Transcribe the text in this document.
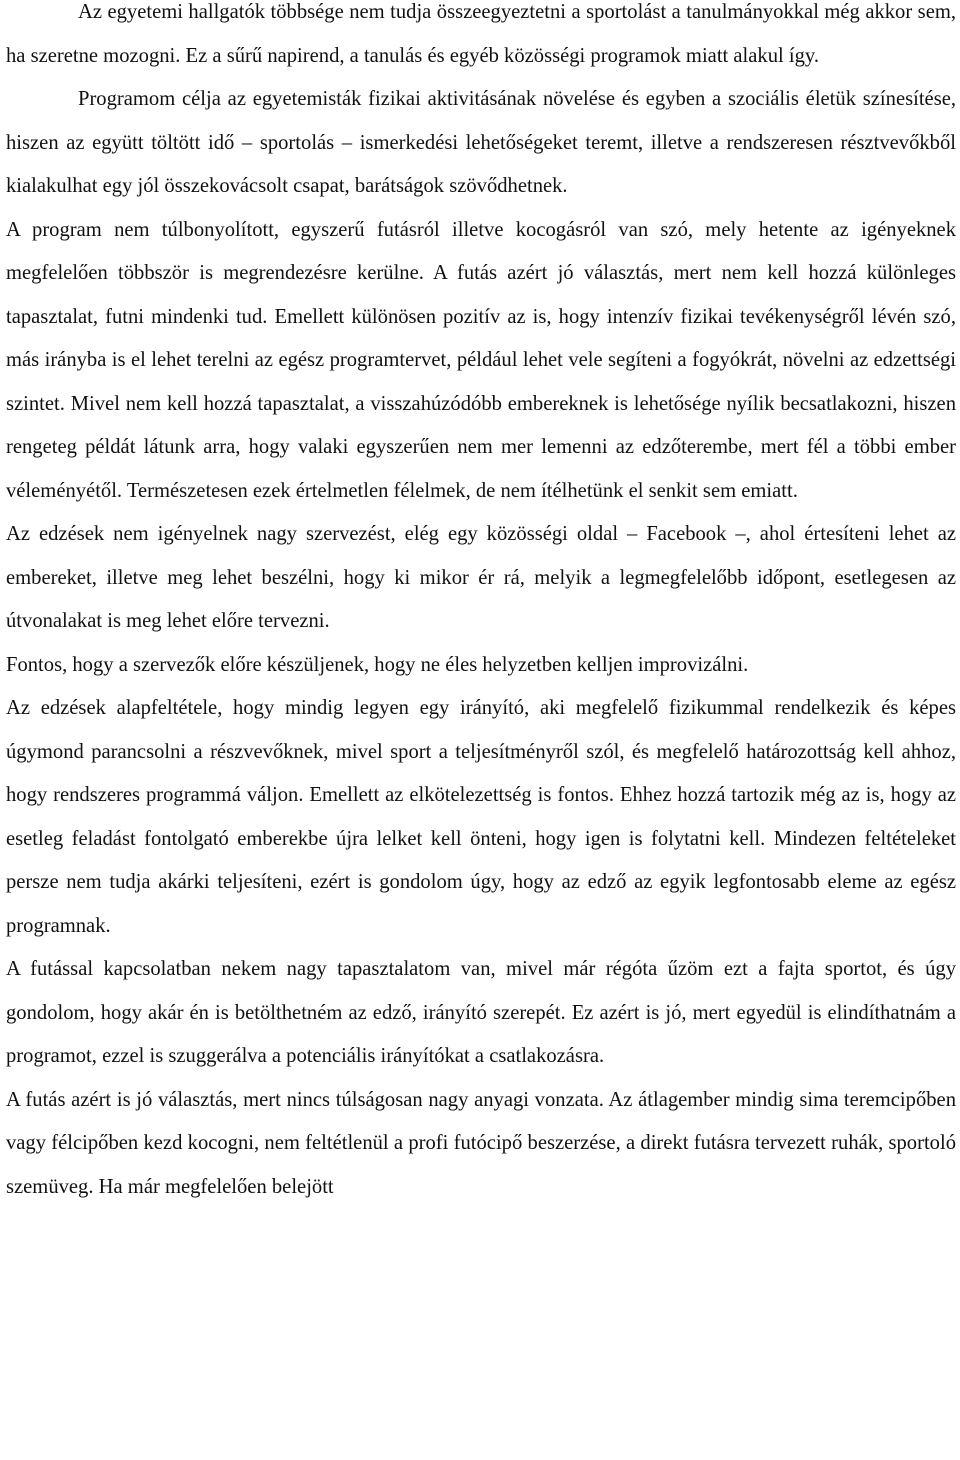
Az egyetemi hallgatók többsége nem tudja összeegyeztetni a sportolást a tanulmányokkal még akkor sem, ha szeretne mozogni. Ez a sűrű napirend, a tanulás és egyéb közösségi programok miatt alakul így.

Programom célja az egyetemisták fizikai aktivitásának növelése és egyben a szociális életük színesítése, hiszen az együtt töltött idő – sportolás – ismerkedési lehetőségeket teremt, illetve a rendszeresen résztvevőkből kialakulhat egy jól összekovácsolt csapat, barátságok szövődhetnek.

A program nem túlbonyolított, egyszerű futásról illetve kocogásról van szó, mely hetente az igényeknek megfelelően többször is megrendezésre kerülne. A futás azért jó választás, mert nem kell hozzá különleges tapasztalat, futni mindenki tud. Emellett különösen pozitív az is, hogy intenzív fizikai tevékenységről lévén szó, más irányba is el lehet terelni az egész programtervet, például lehet vele segíteni a fogyókrát, növelni az edzettségi szintet. Mivel nem kell hozzá tapasztalat, a visszahúzódóbb embereknek is lehetősége nyílik becsatlakozni, hiszen rengeteg példát látunk arra, hogy valaki egyszerűen nem mer lemenni az edzőterembe, mert fél a többi ember véleményétől. Természetesen ezek értelmetlen félelmek, de nem ítélhetünk el senkit sem emiatt.

Az edzések nem igényelnek nagy szervezést, elég egy közösségi oldal – Facebook –, ahol értesíteni lehet az embereket, illetve meg lehet beszélni, hogy ki mikor ér rá, melyik a legmegfelelőbb időpont, esetlegesen az útvonalakat is meg lehet előre tervezni.

Fontos, hogy a szervezők előre készüljenek, hogy ne éles helyzetben kelljen improvizálni.

Az edzések alapfeltétele, hogy mindig legyen egy irányító, aki megfelelő fizikummal rendelkezik és képes úgymond parancsolni a részvevőknek, mivel sport a teljesítményről szól, és megfelelő határozottság kell ahhoz, hogy rendszeres programmá váljon. Emellett az elkötelezettség is fontos. Ehhez hozzá tartozik még az is, hogy az esetleg feladást fontolgató emberekbe újra lelket kell önteni, hogy igen is folytatni kell. Mindezen feltételeket persze nem tudja akárki teljesíteni, ezért is gondolom úgy, hogy az edző az egyik legfontosabb eleme az egész programnak.

A futással kapcsolatban nekem nagy tapasztalatom van, mivel már régóta űzöm ezt a fajta sportot, és úgy gondolom, hogy akár én is betölthetném az edző, irányító szerepét. Ez azért is jó, mert egyedül is elindíthatnám a programot, ezzel is szuggerálva a potenciális irányítókat a csatlakozásra.

A futás azért is jó választás, mert nincs túlságosan nagy anyagi vonzata. Az átlagember mindig sima teremcipőben vagy félcipőben kezd kocogni, nem feltétlenül a profi futócipő beszerzése, a direkt futásra tervezett ruhák, sportoló szemüveg. Ha már megfelelően belejött
